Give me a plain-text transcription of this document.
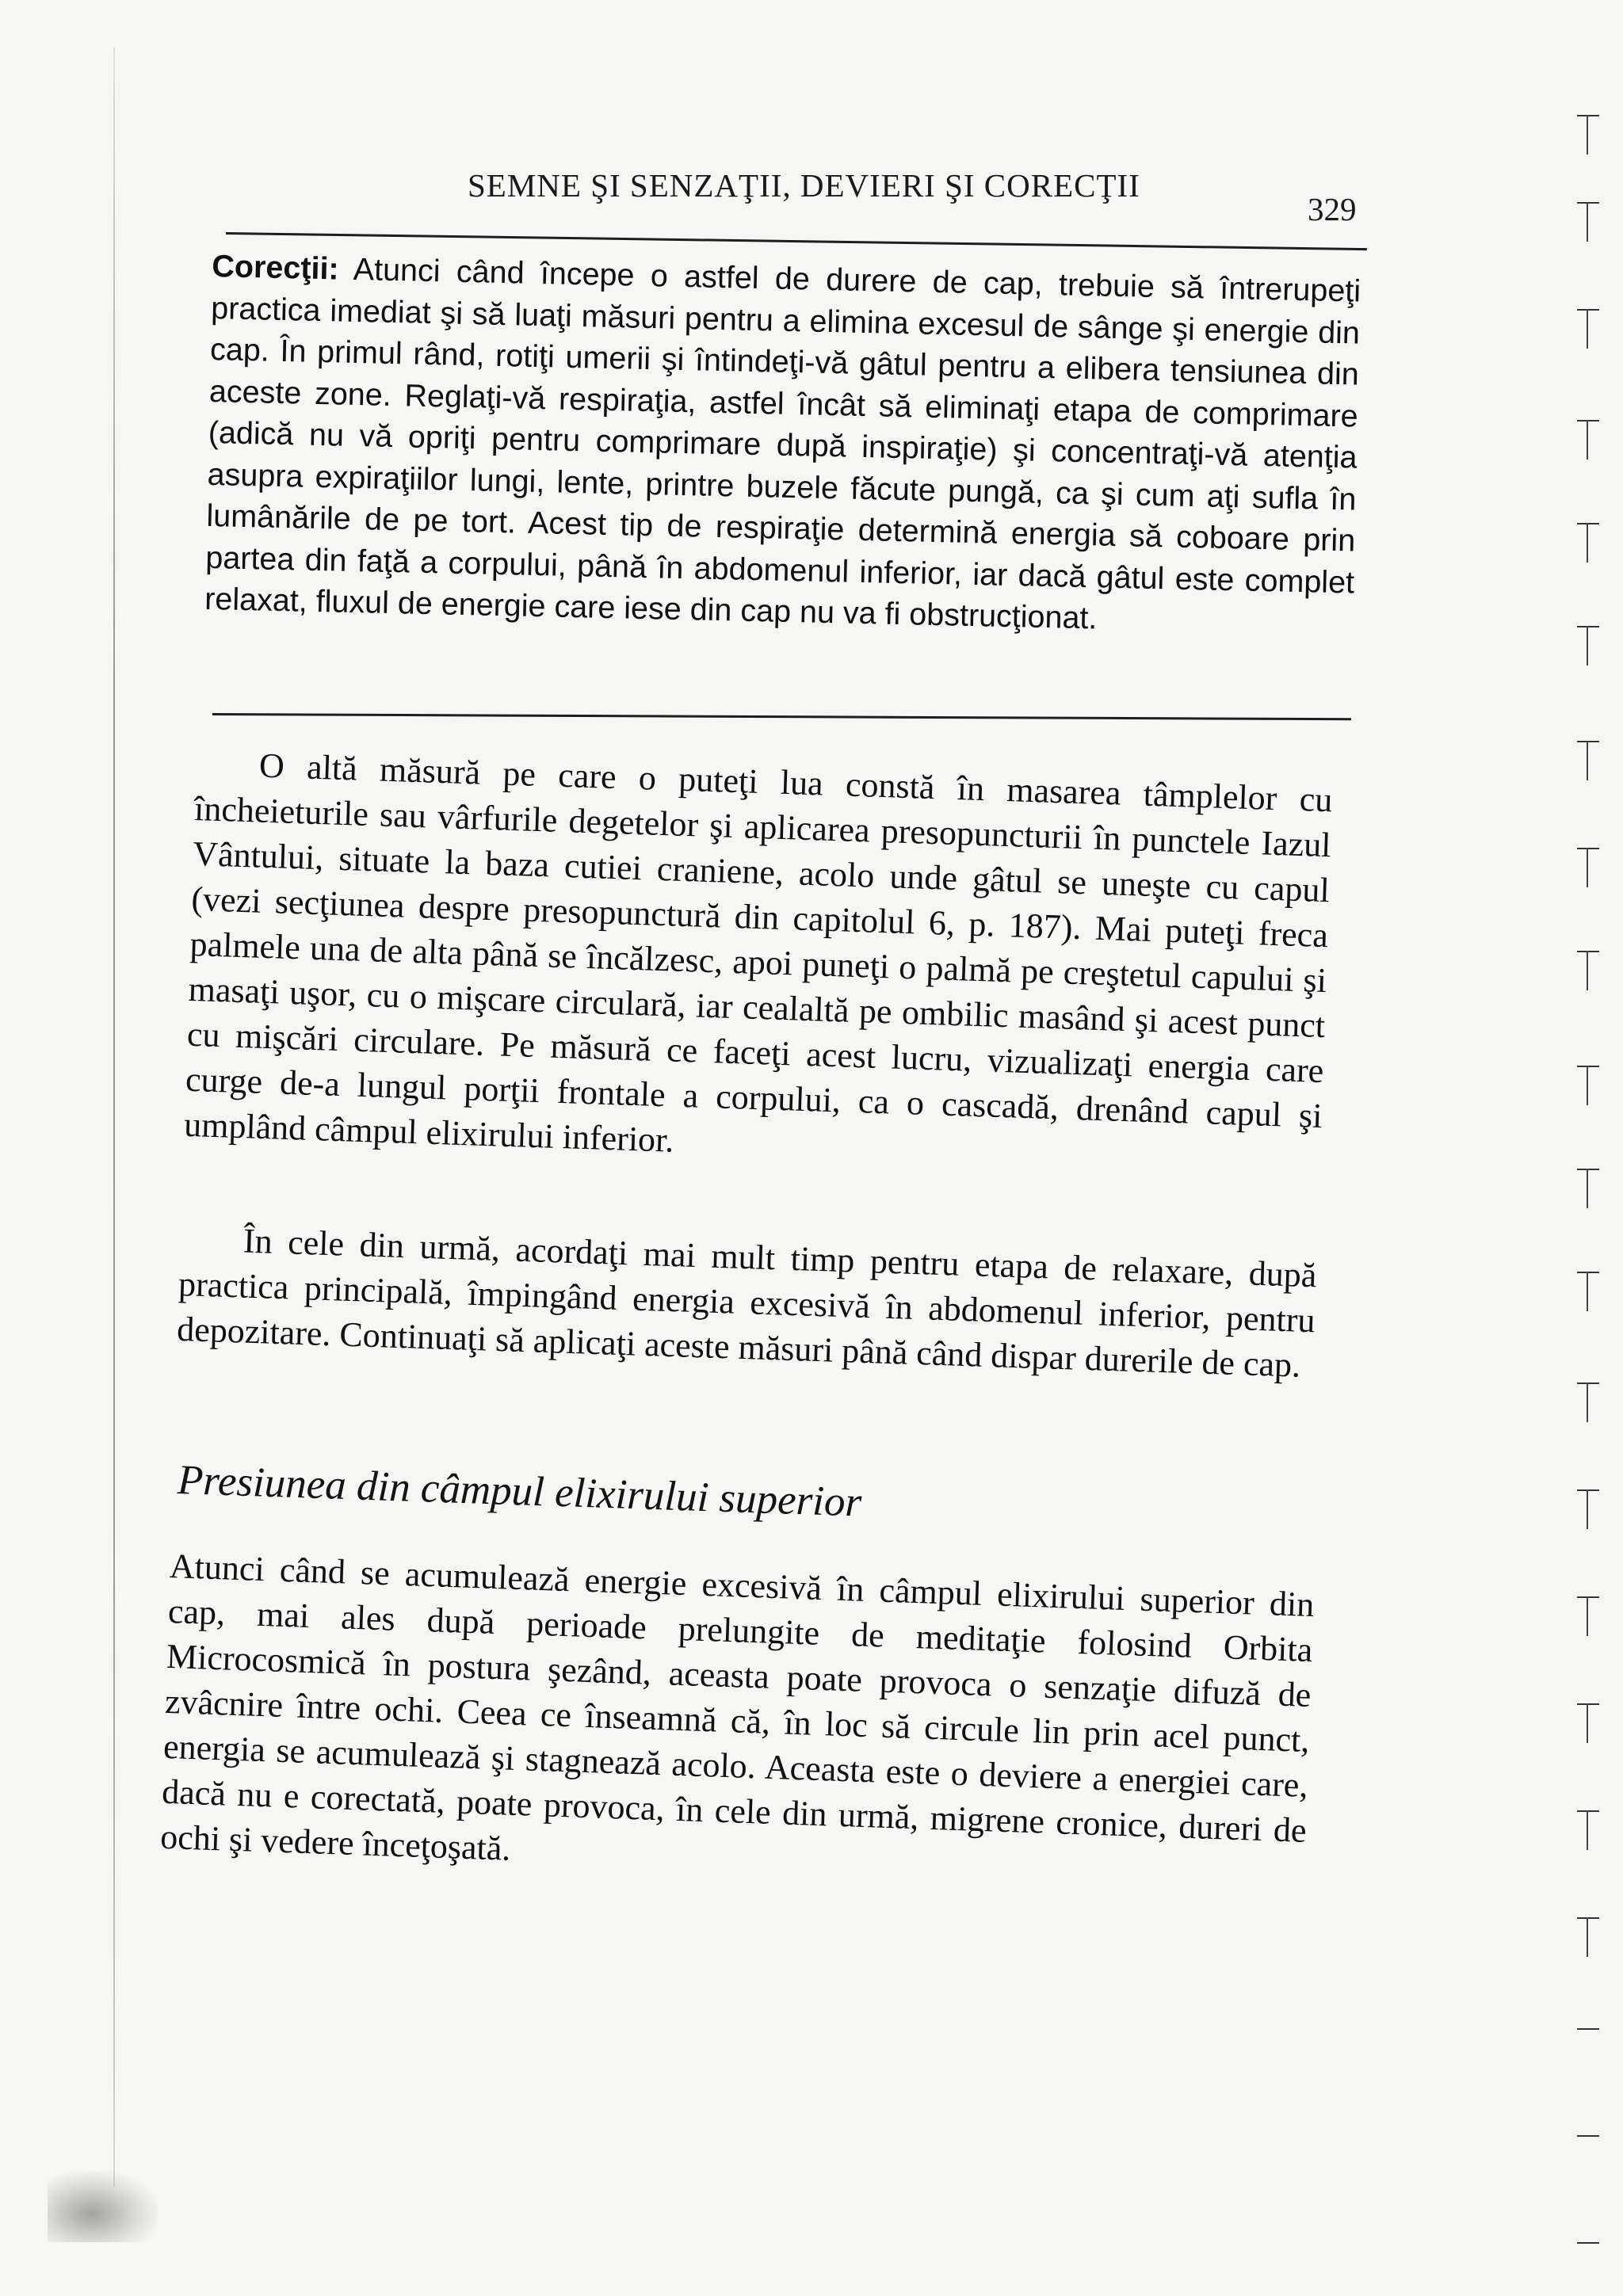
SEMNE ŞI SENZAŢII, DEVIERI ŞI CORECŢII
329
Corecţii: Atunci când începe o astfel de durere de cap, trebuie să întrerupeţi practica imediat şi să luaţi măsuri pentru a elimina excesul de sânge şi energie din cap. În primul rând, rotiţi umerii şi întindeţi-vă gâtul pentru a elibera tensiunea din aceste zone. Reglaţi-vă respiraţia, astfel încât să eliminaţi etapa de comprimare (adică nu vă opriţi pentru comprimare după inspiraţie) şi concentraţi-vă atenţia asupra expiraţiilor lungi, lente, printre buzele făcute pungă, ca şi cum aţi sufla în lumânările de pe tort. Acest tip de respiraţie determină energia să coboare prin partea din faţă a corpului, până în abdomenul inferior, iar dacă gâtul este complet relaxat, fluxul de energie care iese din cap nu va fi obstrucţionat.
O altă măsură pe care o puteţi lua constă în masarea tâmplelor cu încheieturile sau vârfurile degetelor şi aplicarea presopuncturii în punctele Iazul Vântului, situate la baza cutiei craniene, acolo unde gâtul se uneşte cu capul (vezi secţiunea despre presopunctură din capitolul 6, p. 187). Mai puteţi freca palmele una de alta până se încălzesc, apoi puneţi o palmă pe creştetul capului şi masaţi uşor, cu o mişcare circulară, iar cealaltă pe ombilic masând şi acest punct cu mişcări circulare. Pe măsură ce faceţi acest lucru, vizualizaţi energia care curge de-a lungul porţii frontale a corpului, ca o cascadă, drenând capul şi umplând câmpul elixirului inferior.
În cele din urmă, acordaţi mai mult timp pentru etapa de relaxare, după practica principală, împingând energia excesivă în abdomenul inferior, pentru depozitare. Continuaţi să aplicaţi aceste măsuri până când dispar durerile de cap.
Presiunea din câmpul elixirului superior
Atunci când se acumulează energie excesivă în câmpul elixirului superior din cap, mai ales după perioade prelungite de meditaţie folosind Orbita Microcosmică în postura şezând, aceasta poate provoca o senzaţie difuză de zvâcnire între ochi. Ceea ce înseamnă că, în loc să circule lin prin acel punct, energia se acumulează şi stagnează acolo. Aceasta este o deviere a energiei care, dacă nu e corectată, poate provoca, în cele din urmă, migrene cronice, dureri de ochi şi vedere înceţoşată.
